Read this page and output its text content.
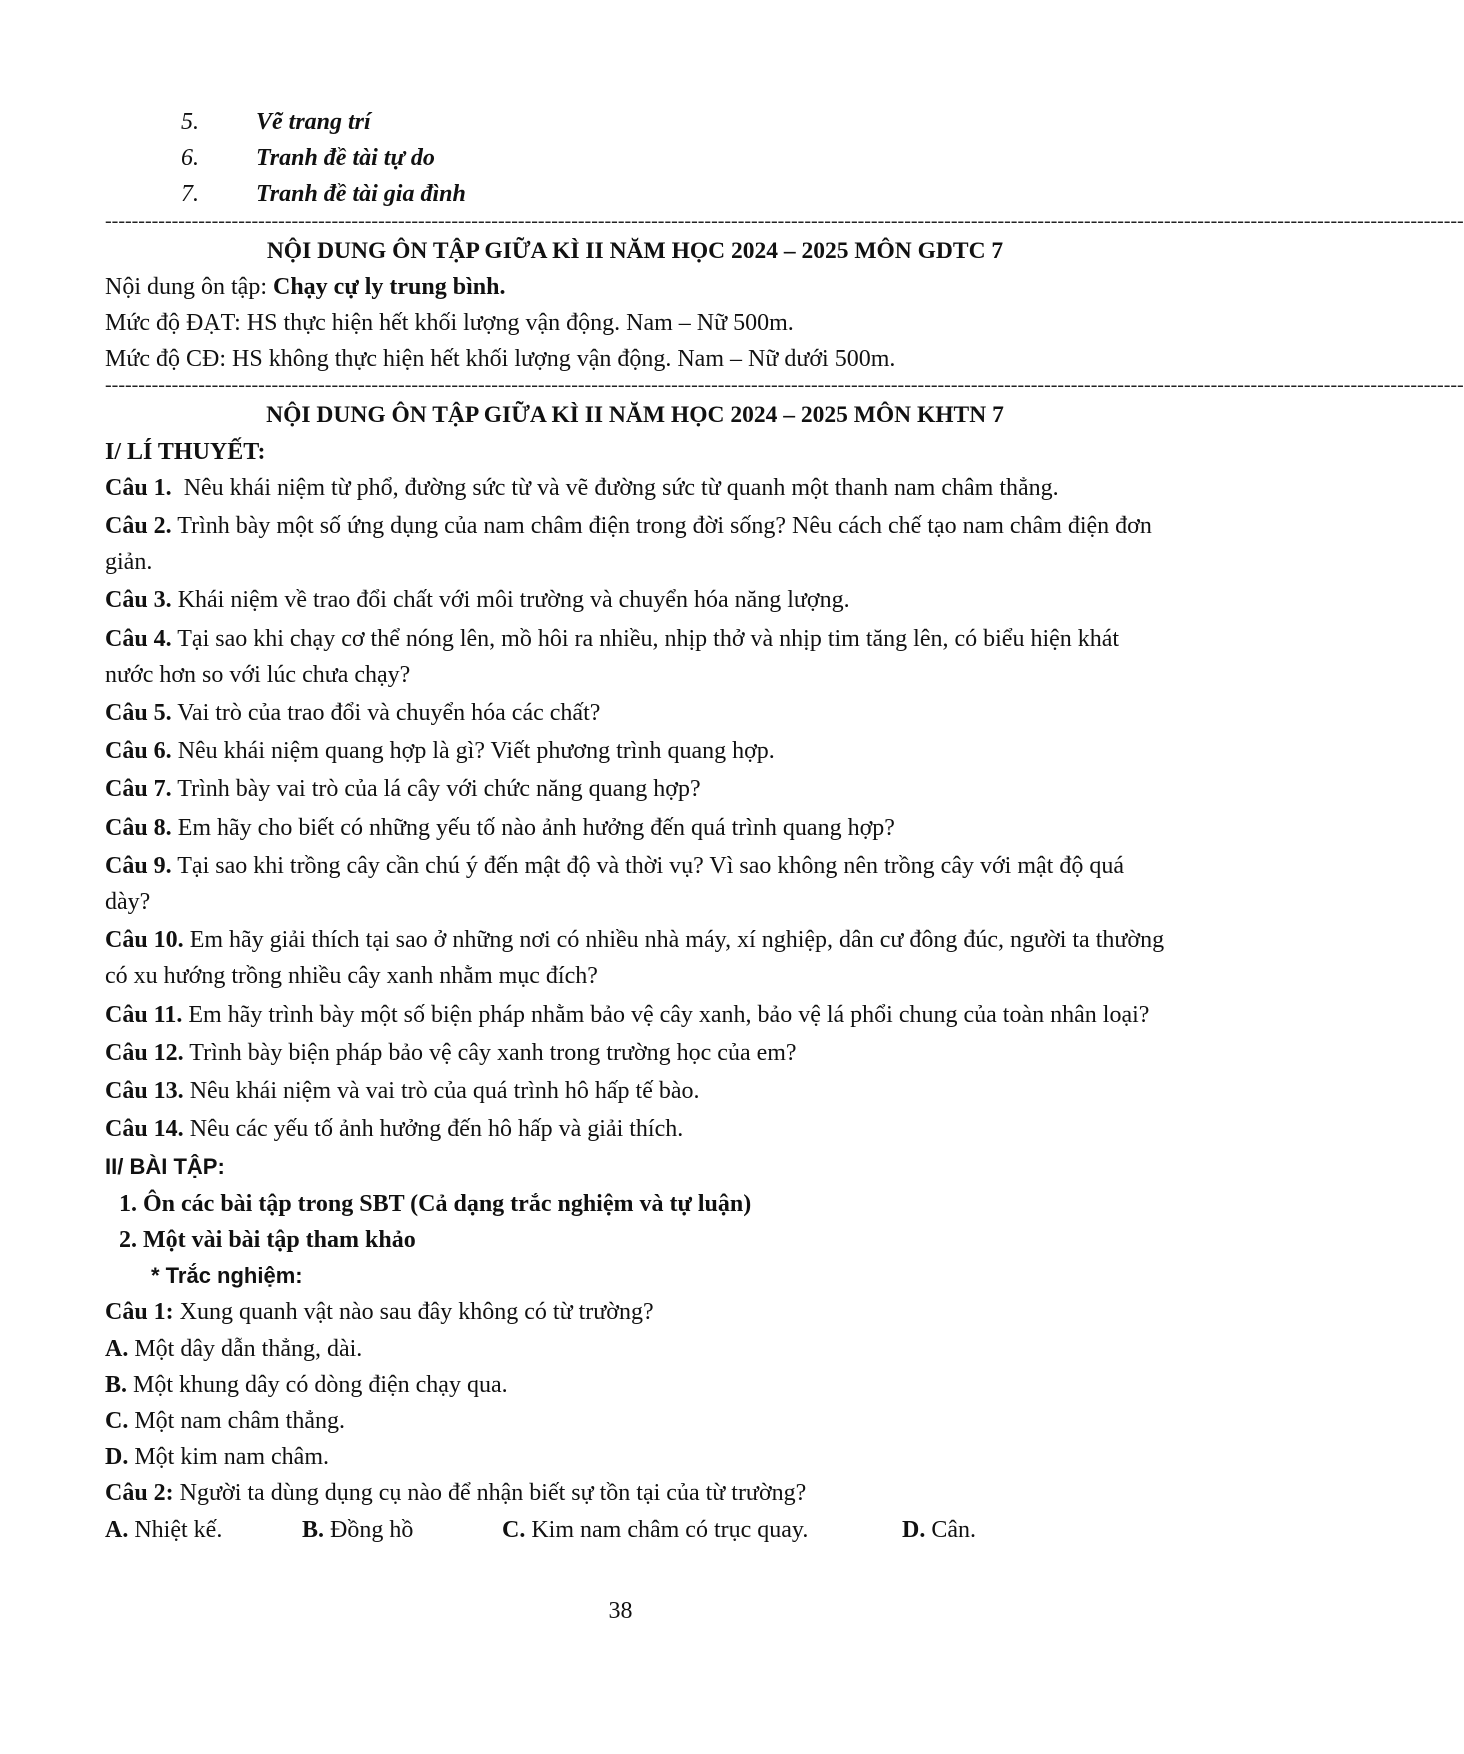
5.	Vẽ trang trí
6.	Tranh đề tài tự do
7.	Tranh đề tài gia đình
------------------------------------------------------------------------------------------------------------------------------------------------------------------------------------------------------------
NỘI DUNG ÔN TẬP GIỮA KÌ II NĂM HỌC 2024 – 2025 MÔN GDTC 7
Nội dung ôn tập: Chạy cự ly trung bình.
Mức độ ĐẠT: HS thực hiện hết khối lượng vận động. Nam – Nữ 500m.
Mức độ CĐ: HS không thực hiện hết khối lượng vận động. Nam – Nữ dưới 500m.
------------------------------------------------------------------------------------------------------------------------------------------------------------------------------------------------------------
NỘI DUNG ÔN TẬP GIỮA KÌ II NĂM HỌC 2024 – 2025 MÔN KHTN 7
I/ LÍ THUYẾT:
Câu 1.  Nêu khái niệm từ phổ, đường sức từ và vẽ đường sức từ quanh một thanh nam châm thẳng.
Câu 2. Trình bày một số ứng dụng của nam châm điện trong đời sống? Nêu cách chế tạo nam châm điện đơn giản.
Câu 3. Khái niệm về trao đổi chất với môi trường và chuyển hóa năng lượng.
Câu 4. Tại sao khi chạy cơ thể nóng lên, mồ hôi ra nhiều, nhịp thở và nhịp tim tăng lên, có biểu hiện khát nước hơn so với lúc chưa chạy?
Câu 5. Vai trò của trao đổi và chuyển hóa các chất?
Câu 6. Nêu khái niệm quang hợp là gì? Viết phương trình quang hợp.
Câu 7. Trình bày vai trò của lá cây với chức năng quang hợp?
Câu 8. Em hãy cho biết có những yếu tố nào ảnh hưởng đến quá trình quang hợp?
Câu 9. Tại sao khi trồng cây cần chú ý đến mật độ và thời vụ? Vì sao không nên trồng cây với mật độ quá dày?
Câu 10. Em hãy giải thích tại sao ở những nơi có nhiều nhà máy, xí nghiệp, dân cư đông đúc, người ta thường có xu hướng trồng nhiều cây xanh nhằm mục đích?
Câu 11. Em hãy trình bày một số biện pháp nhằm bảo vệ cây xanh, bảo vệ lá phổi chung của toàn nhân loại?
Câu 12. Trình bày biện pháp bảo vệ cây xanh trong trường học của em?
Câu 13. Nêu khái niệm và vai trò của quá trình hô hấp tế bào.
Câu 14. Nêu các yếu tố ảnh hưởng đến hô hấp và giải thích.
II/ BÀI TẬP:
1. Ôn các bài tập trong SBT (Cả dạng trắc nghiệm và tự luận)
2. Một vài bài tập tham khảo
* Trắc nghiệm:
Câu 1: Xung quanh vật nào sau đây không có từ trường?
A. Một dây dẫn thẳng, dài.
B. Một khung dây có dòng điện chạy qua.
C. Một nam châm thẳng.
D. Một kim nam châm.
Câu 2: Người ta dùng dụng cụ nào để nhận biết sự tồn tại của từ trường?
A. Nhiệt kế.	B. Đồng hồ	C. Kim nam châm có trục quay.	D. Cân.
38
